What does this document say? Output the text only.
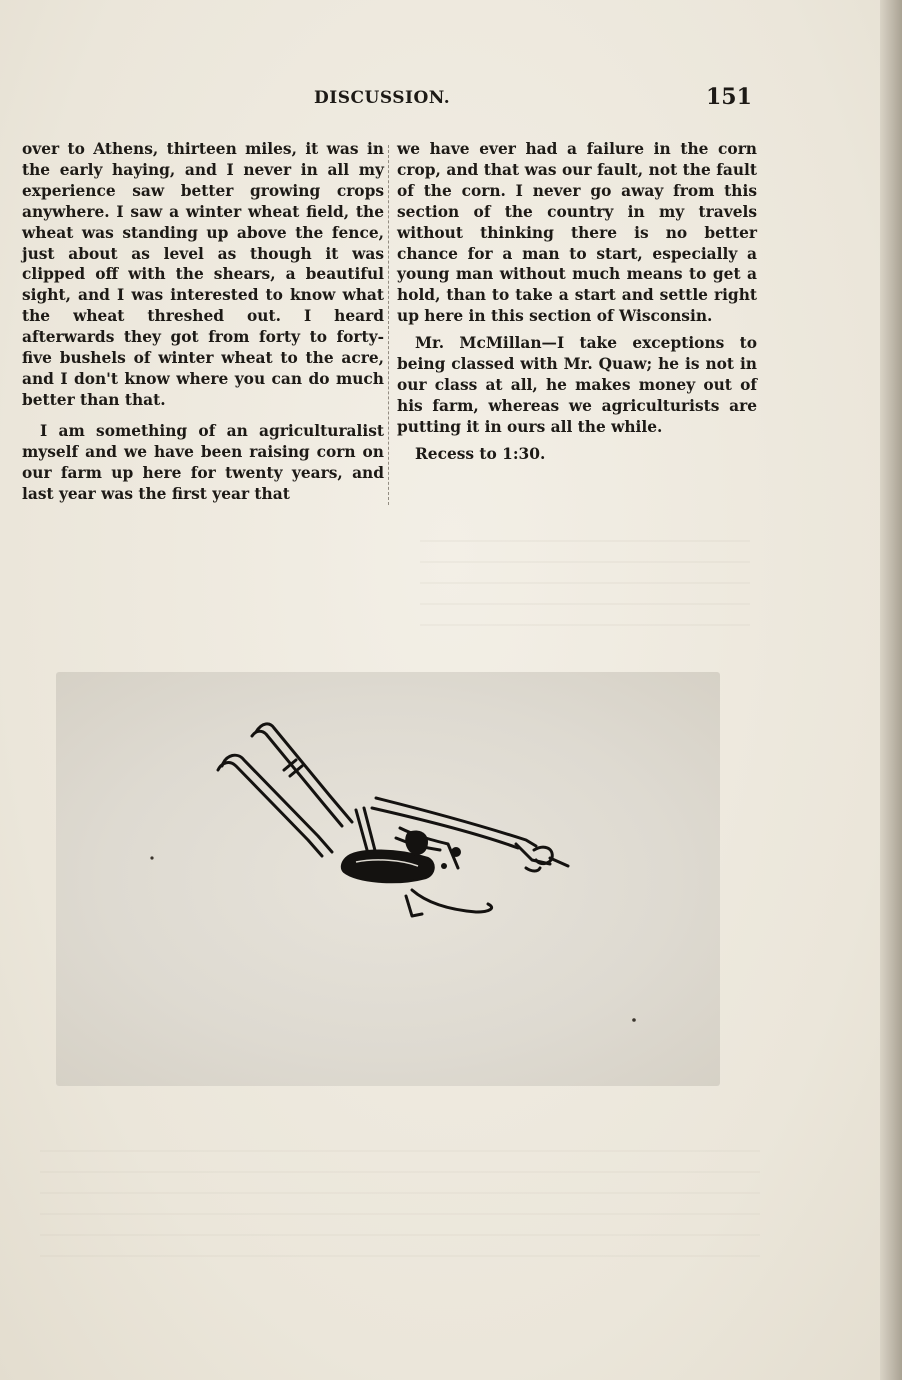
DISCUSSION.	151

over to Athens, thirteen miles, it was in the early haying, and I never in all my experience saw better growing crops anywhere. I saw a winter wheat field, the wheat was standing up above the fence, just about as level as though it was clipped off with the shears, a beautiful sight, and I was interested to know what the wheat threshed out. I heard afterwards they got from forty to forty-five bushels of winter wheat to the acre, and I don't know where you can do much better than that.

I am something of an agriculturalist myself and we have been raising corn on our farm up here for twenty years, and last year was the first year that

we have ever had a failure in the corn crop, and that was our fault, not the fault of the corn. I never go away from this section of the country in my travels without thinking there is no better chance for a man to start, especially a young man without much means to get a hold, than to take a start and settle right up here in this section of Wisconsin.

Mr. McMillan—I take exceptions to being classed with Mr. Quaw; he is not in our class at all, he makes money out of his farm, whereas we agriculturists are putting it in ours all the while.

Recess to 1:30.
